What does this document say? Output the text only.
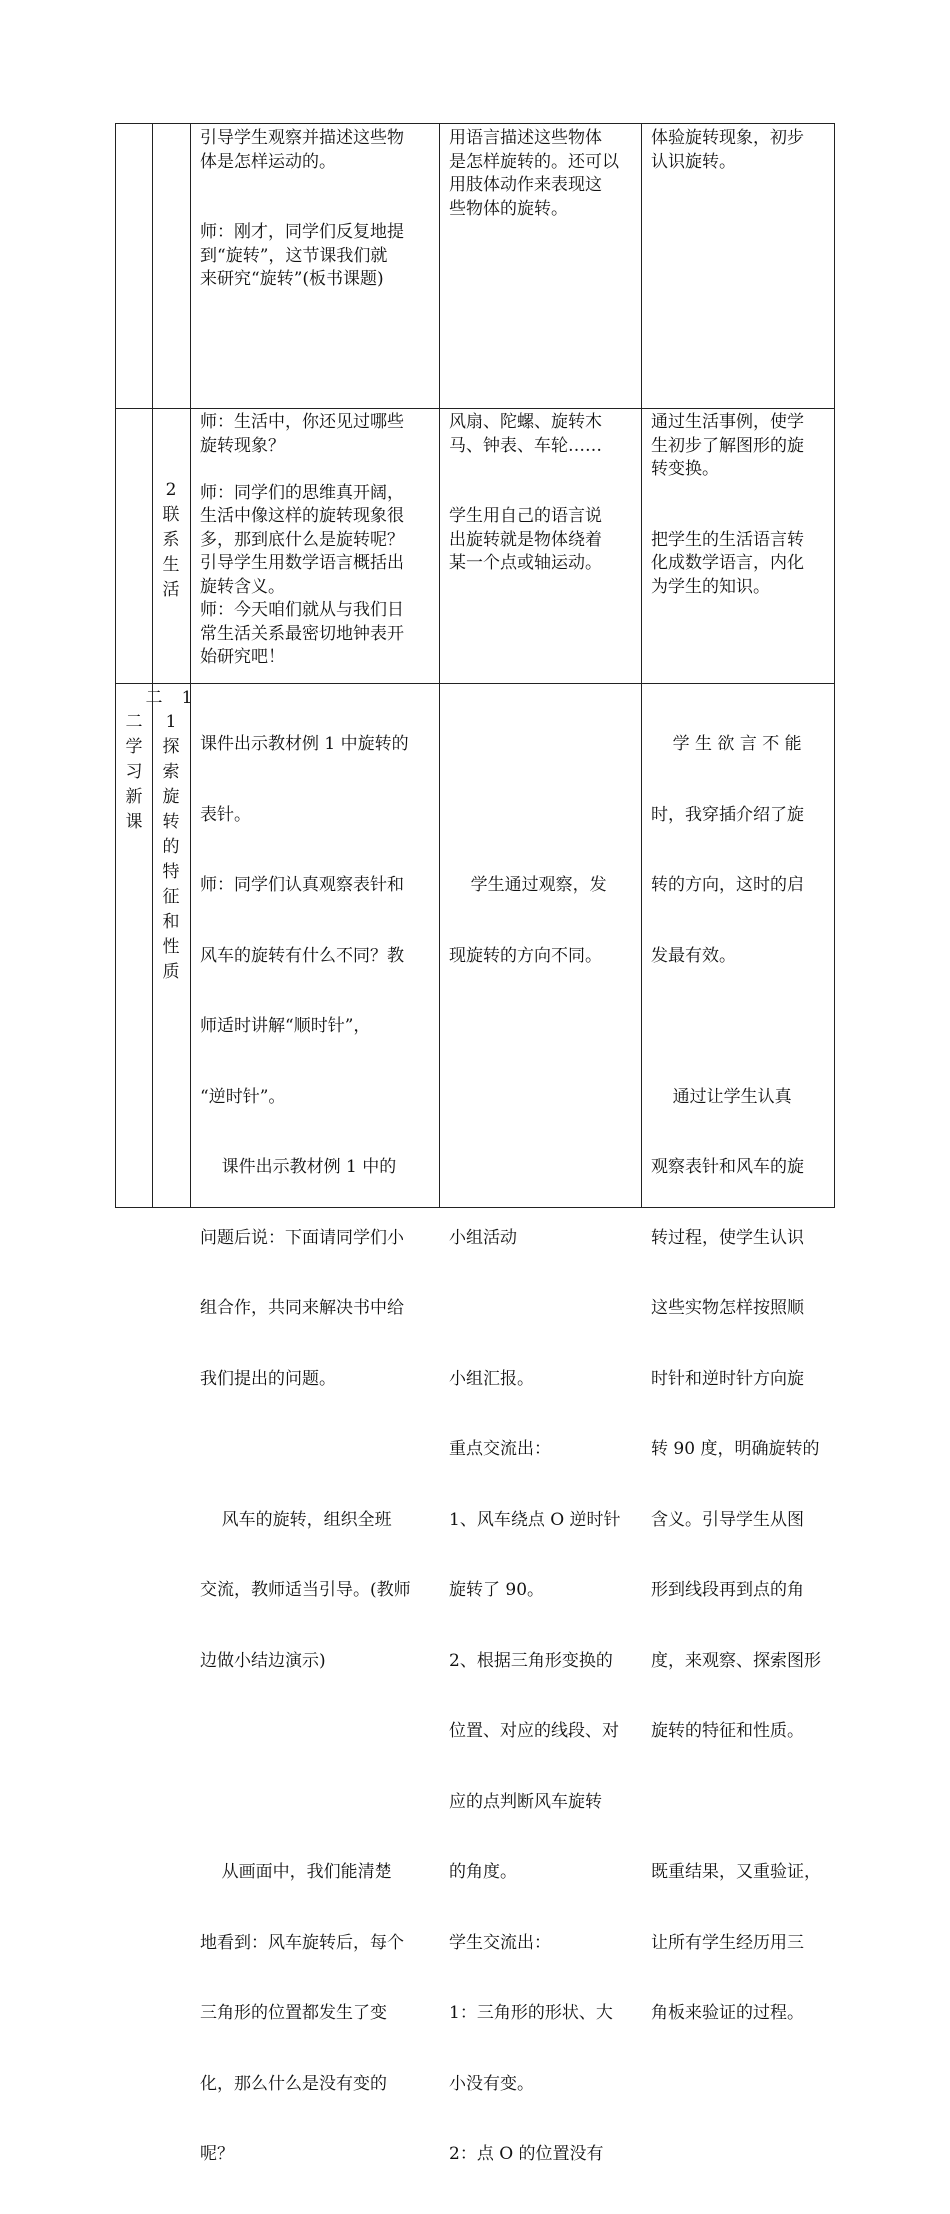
引导学生观察并描述这些物

体是怎样运动的。

师：刚才，同学们反复地提

到“旋转”，这节课我们就

来研究“旋转”(板书课题)

用语言描述这些物体

是怎样旋转的。还可以

用肢体动作来表现这

些物体的旋转。

体验旋转现象，初步

认识旋转。

2联系生活

师：生活中，你还见过哪些

旋转现象？

师：同学们的思维真开阔，

生活中像这样的旋转现象很

多，那到底什么是旋转呢？

引导学生用数学语言概括出

旋转含义。

师：今天咱们就从与我们日

常生活关系最密切地钟表开

始研究吧！

风扇、陀螺、旋转木

马、钟表、车轮……

学生用自己的语言说

出旋转就是物体绕着

某一个点或轴运动。

通过生活事例，使学

生初步了解图形的旋

转变换。

把学生的生活语言转

化成数学语言，内化

为学生的知识。

二 1
二学习新课
1探索旋转的特征和性质

课件出示教材例 1 中旋转的

表针。

师：同学们认真观察表针和

风车的旋转有什么不同？教

师适时讲解“顺时针”，

“逆时针”。

课件出示教材例 1 中的

问题后说：下面请同学们小

组合作，共同来解决书中给

我们提出的问题。

风车的旋转，组织全班

交流，教师适当引导。(教师

边做小结边演示)

从画面中，我们能清楚

地看到：风车旋转后，每个

三角形的位置都发生了变

化，那么什么是没有变的

呢？

学生通过观察，发

现旋转的方向不同。

小组活动

小组汇报。

重点交流出：

1、风车绕点 O 逆时针

旋转了 90。

2、根据三角形变换的

位置、对应的线段、对

应的点判断风车旋转

的角度。

学生交流出：

1：三角形的形状、大

小没有变。

2：点 O 的位置没有

学 生 欲 言 不 能

时，我穿插介绍了旋

转的方向，这时的启

发最有效。

通过让学生认真

观察表针和风车的旋

转过程，使学生认识

这些实物怎样按照顺

时针和逆时针方向旋

转 90 度，明确旋转的

含义。引导学生从图

形到线段再到点的角

度，来观察、探索图形

旋转的特征和性质。

既重结果，又重验证，

让所有学生经历用三

角板来验证的过程。
